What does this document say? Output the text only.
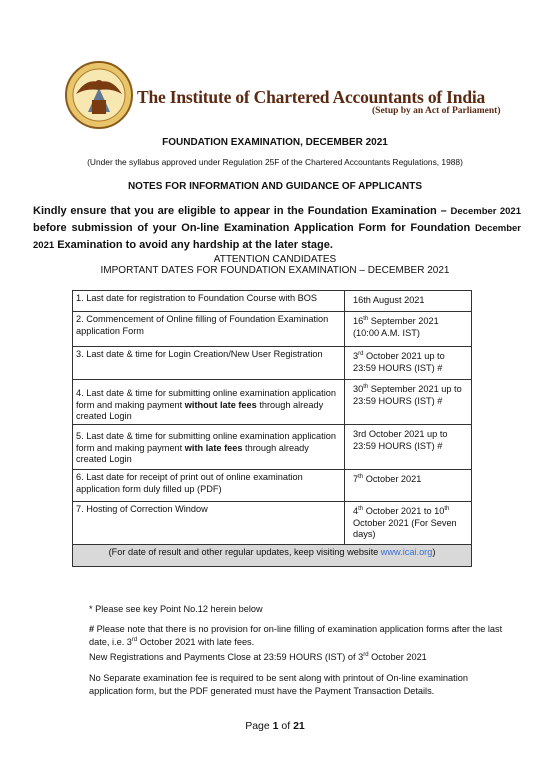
The Institute of Chartered Accountants of India
(Setup by an Act of Parliament)
FOUNDATION EXAMINATION, DECEMBER 2021
(Under the syllabus approved under Regulation 25F of the Chartered Accountants Regulations, 1988)
NOTES FOR INFORMATION AND GUIDANCE OF APPLICANTS
Kindly ensure that you are eligible to appear in the Foundation Examination – December 2021 before submission of your On-line Examination Application Form for Foundation December 2021 Examination to avoid any hardship at the later stage.
ATTENTION CANDIDATES
IMPORTANT DATES FOR FOUNDATION EXAMINATION – DECEMBER 2021
1. Last date for registration to Foundation Course with BOS	16th August 2021
2. Commencement of Online filling of Foundation Examination application Form	16th September 2021
(10:00 A.M. IST)
3. Last date & time for Login Creation/New User Registration	3rd October 2021 up to 23:59 HOURS (IST) #
4. Last date & time for submitting online examination application form and making payment without late fees through already created Login	30th September 2021 up to 23:59 HOURS (IST) #
5. Last date & time for submitting online examination application form and making payment with late fees through already created Login	3rd October 2021 up to 23:59 HOURS (IST) #
6. Last date for receipt of print out of online examination application form duly filled up (PDF)	7th October 2021
7. Hosting of Correction Window	4th October 2021 to 10th October 2021 (For Seven days)
(For date of result and other regular updates, keep visiting website www.icai.org)	
* Please see key Point No.12 herein below
# Please note that there is no provision for on-line filling of examination application forms after the last date, i.e. 3rd October 2021 with late fees.
New Registrations and Payments Close at 23:59 HOURS (IST) of 3rd October 2021
No Separate examination fee is required to be sent along with printout of On-line examination application form, but the PDF generated must have the Payment Transaction Details.
Page 1 of 21
